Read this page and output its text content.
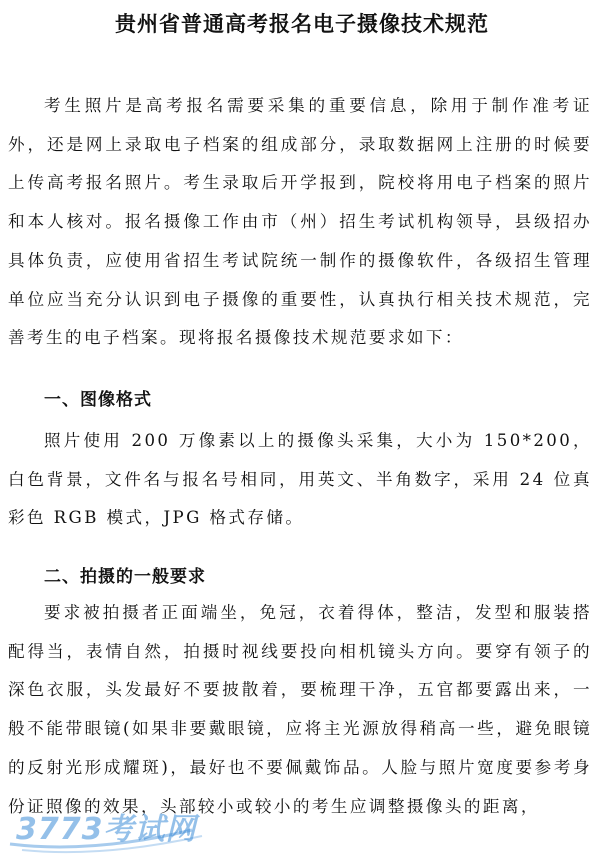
贵州省普通高考报名电子摄像技术规范
考生照片是高考报名需要采集的重要信息，除用于制作准考证外，还是网上录取电子档案的组成部分，录取数据网上注册的时候要上传高考报名照片。考生录取后开学报到，院校将用电子档案的照片和本人核对。报名摄像工作由市（州）招生考试机构领导，县级招办具体负责，应使用省招生考试院统一制作的摄像软件，各级招生管理单位应当充分认识到电子摄像的重要性，认真执行相关技术规范，完善考生的电子档案。现将报名摄像技术规范要求如下：
一、图像格式
照片使用 200 万像素以上的摄像头采集，大小为 150*200，白色背景，文件名与报名号相同，用英文、半角数字，采用 24 位真彩色 RGB 模式，JPG 格式存储。
二、拍摄的一般要求
要求被拍摄者正面端坐，免冠，衣着得体，整洁，发型和服装搭配得当，表情自然，拍摄时视线要投向相机镜头方向。要穿有领子的深色衣服，头发最好不要披散着，要梳理干净，五官都要露出来，一般不能带眼镜(如果非要戴眼镜，应将主光源放得稍高一些，避免眼镜的反射光形成耀斑)，最好也不要佩戴饰品。人脸与照片宽度要参考身份证照像的效果，头部较小或较小的考生应调整摄像头的距离，
3773考试网
